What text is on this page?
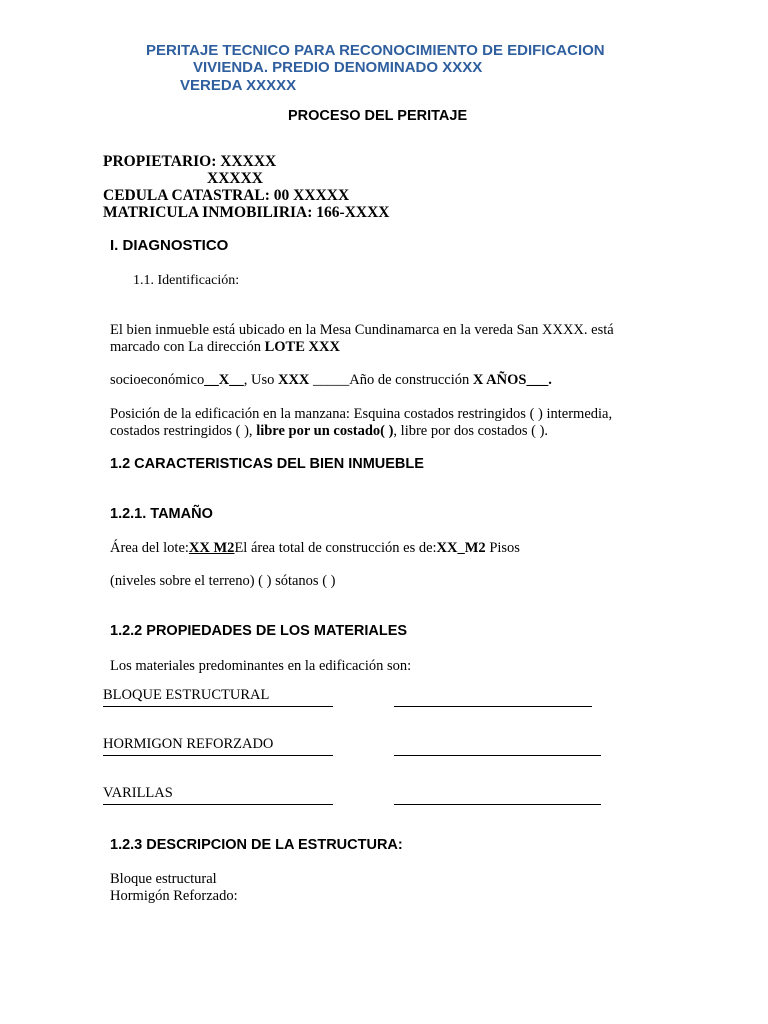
PERITAJE TECNICO PARA RECONOCIMIENTO DE EDIFICACION
VIVIENDA. PREDIO DENOMINADO XXXX
VEREDA XXXXX
PROCESO DEL PERITAJE
PROPIETARIO: XXXXX
XXXXX
CEDULA CATASTRAL: 00 XXXXX
MATRICULA INMOBILIRIA: 166-XXXX
I. DIAGNOSTICO
1.1. Identificación:
El bien inmueble está ubicado en la Mesa Cundinamarca en la vereda San XXXX. está
marcado con La dirección LOTE XXX
socioeconómico__X__, Uso XXX _____Año de construcción X AÑOS___.
Posición de la edificación en la manzana: Esquina costados restringidos ( ) intermedia,
costados restringidos ( ), libre por un costado( ), libre por dos costados ( ).
1.2 CARACTERISTICAS DEL BIEN INMUEBLE
1.2.1. TAMAÑO
Área del lote:XX M2El área total de construcción es de:XX_M2 Pisos
(niveles sobre el terreno) ( ) sótanos ( )
1.2.2 PROPIEDADES DE LOS MATERIALES
Los materiales predominantes en la edificación son:
BLOQUE ESTRUCTURAL
HORMIGON REFORZADO
VARILLAS
1.2.3 DESCRIPCION DE LA ESTRUCTURA:
Bloque estructural
Hormigón Reforzado:
